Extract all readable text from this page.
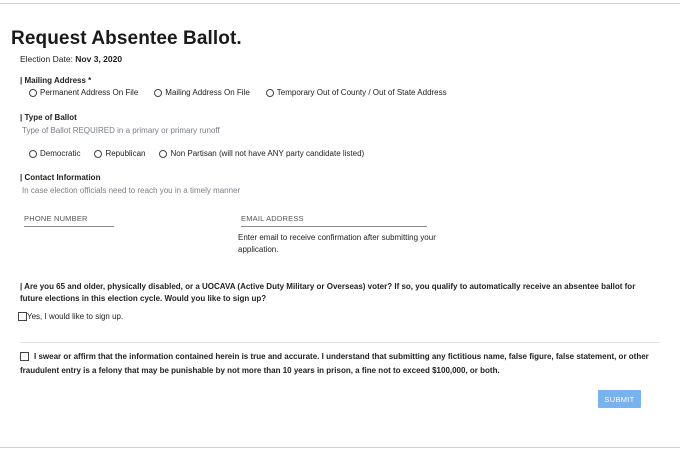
Request Absentee Ballot.
Election Date: Nov 3, 2020
| Mailing Address *
Permanent Address On File	Mailing Address On File	Temporary Out of County / Out of State Address
| Type of Ballot
Type of Ballot REQUIRED in a primary or primary runoff
Democratic	Republican	Non Partisan (will not have ANY party candidate listed)
| Contact Information
In case election officials need to reach you in a timely manner
PHONE NUMBER	EMAIL ADDRESS
Enter email to receive confirmation after submitting your application.
| Are you 65 and older, physically disabled, or a UOCAVA (Active Duty Military or Overseas) voter? If so, you qualify to automatically receive an absentee ballot for future elections in this election cycle. Would you like to sign up?
Yes, I would like to sign up.
I swear or affirm that the information contained herein is true and accurate. I understand that submitting any fictitious name, false figure, false statement, or other fraudulent entry is a felony that may be punishable by not more than 10 years in prison, a fine not to exceed $100,000, or both.
SUBMIT
